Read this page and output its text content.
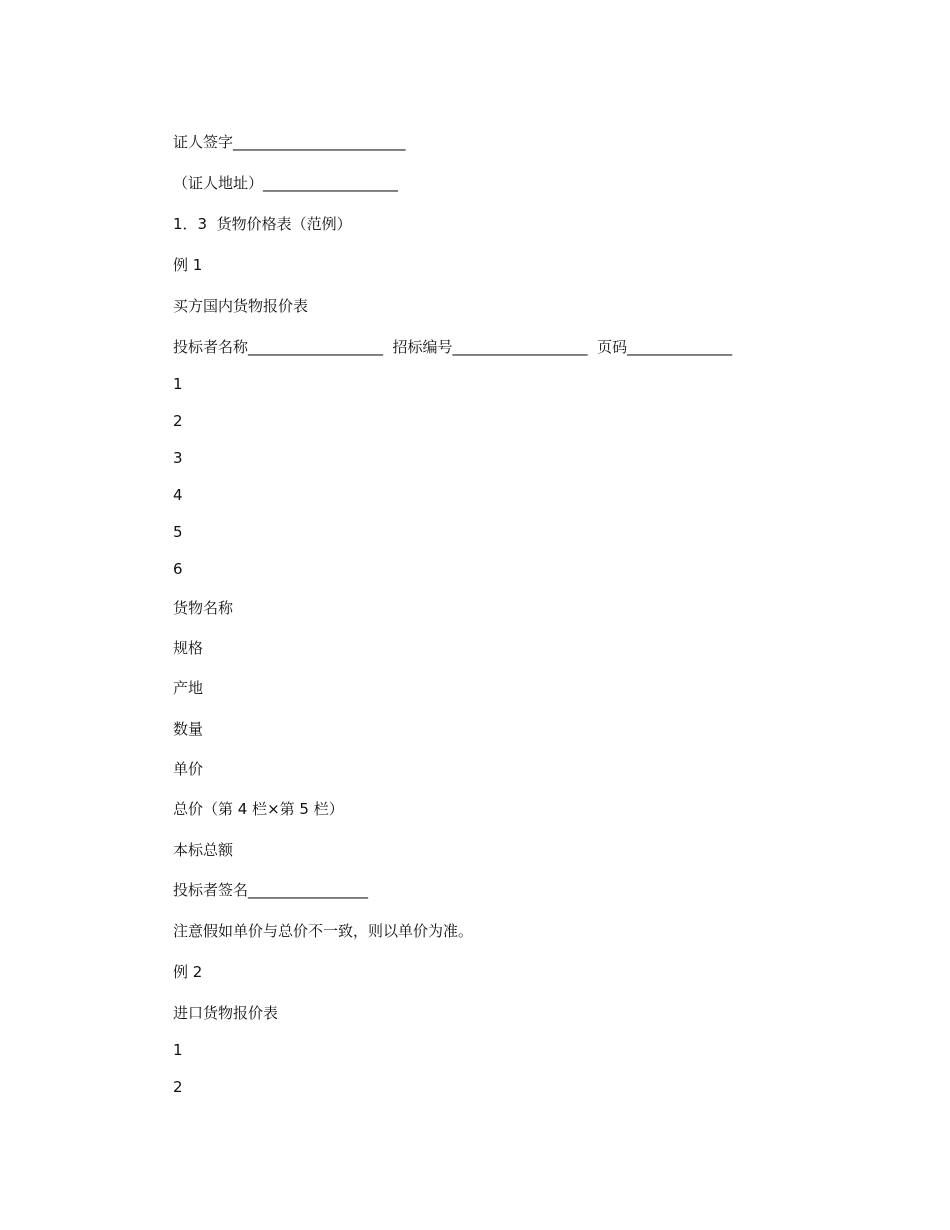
证人签字_______________________
（证人地址）__________________
1．3  货物价格表（范例）
例 1
买方国内货物报价表
投标者名称__________________  招标编号__________________  页码______________
1
2
3
4
5
6
货物名称
规格
产地
数量
单价
总价（第 4 栏×第 5 栏）
本标总额
投标者签名________________
注意假如单价与总价不一致，则以单价为准。
例 2
进口货物报价表
1
2
